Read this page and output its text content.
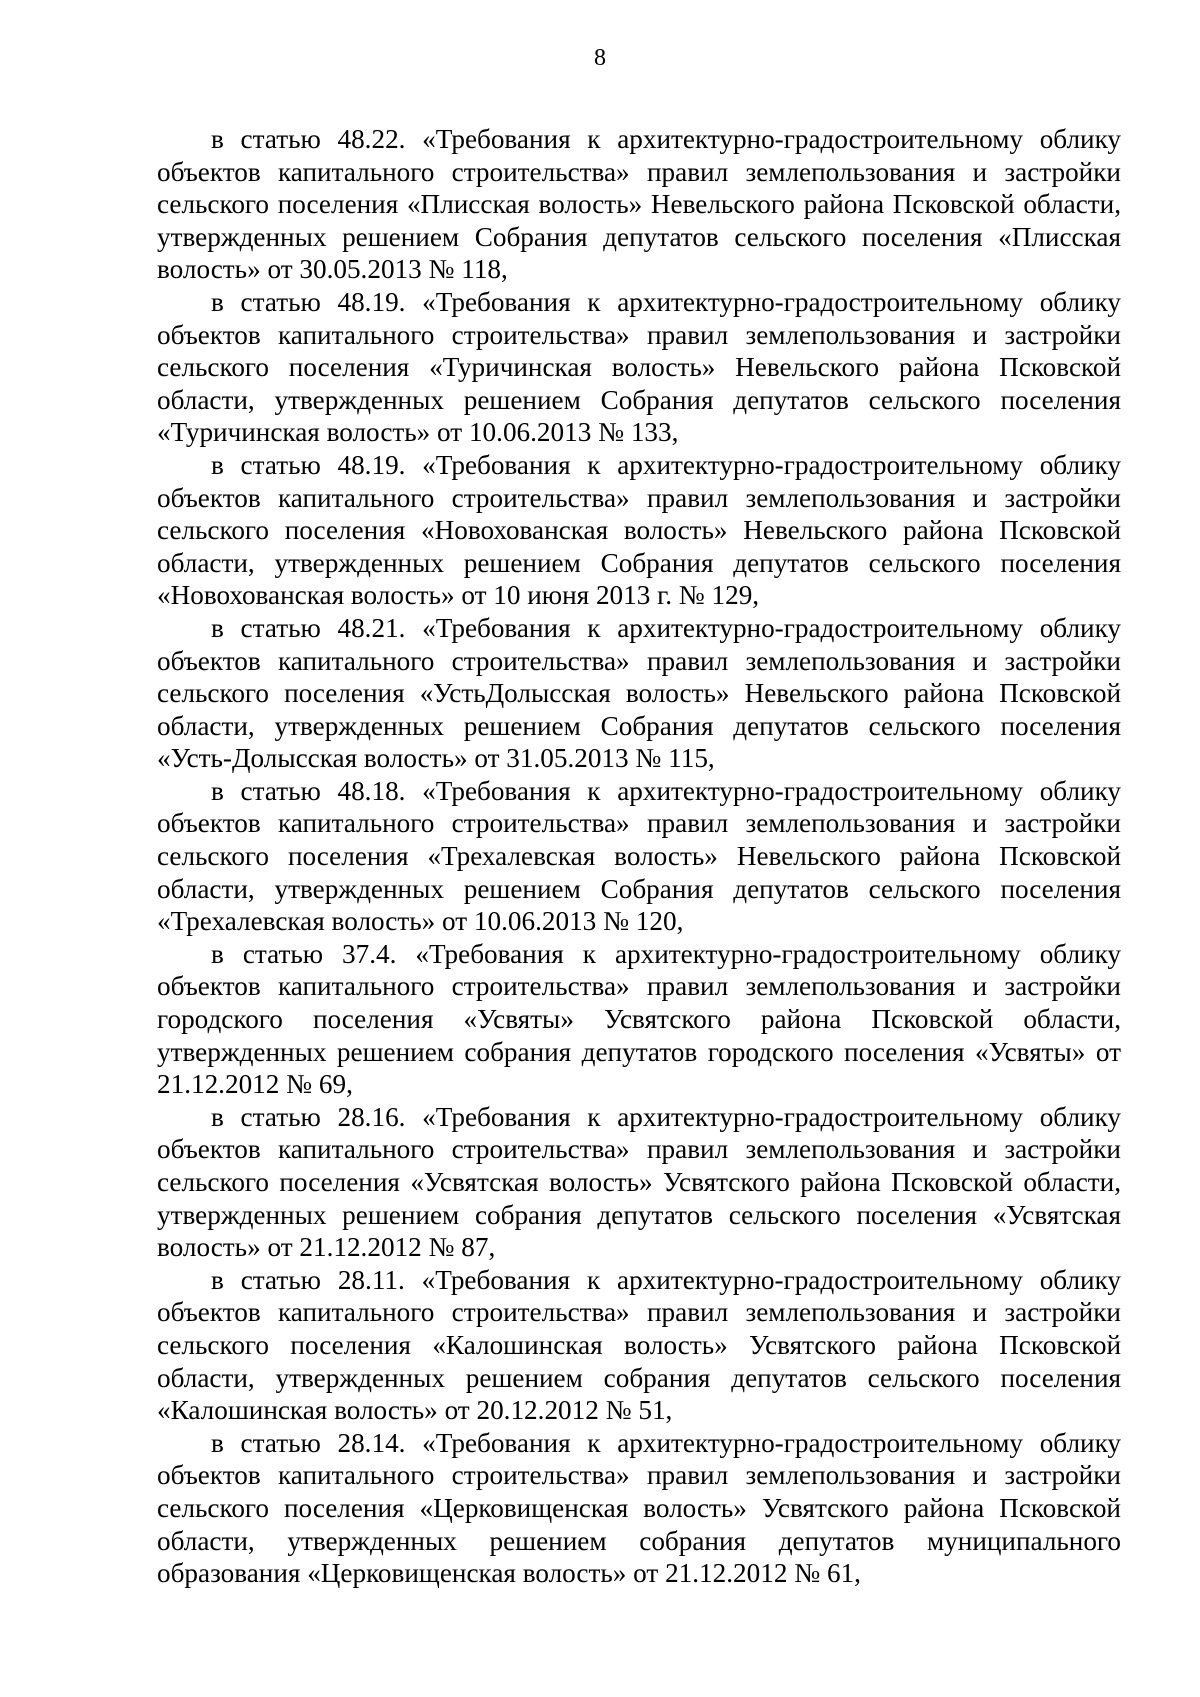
8

в статью 48.22. «Требования к архитектурно-градостроительному облику объектов капитального строительства» правил землепользования и застройки сельского поселения «Плисская волость» Невельского района Псковской области, утвержденных решением Собрания депутатов сельского поселения «Плисская волость» от 30.05.2013 № 118,

в статью 48.19. «Требования к архитектурно-градостроительному облику объектов капитального строительства» правил землепользования и застройки сельского поселения «Туричинская волость» Невельского района Псковской области, утвержденных решением Собрания депутатов сельского поселения «Туричинская волость» от 10.06.2013 № 133,

в статью 48.19. «Требования к архитектурно-градостроительному облику объектов капитального строительства» правил землепользования и застройки сельского поселения «Новохованская волость» Невельского района Псковской области, утвержденных решением Собрания депутатов сельского поселения «Новохованская волость» от 10 июня 2013 г. № 129,

в статью 48.21. «Требования к архитектурно-градостроительному облику объектов капитального строительства» правил землепользования и застройки сельского поселения «УстьДолысская волость» Невельского района Псковской области, утвержденных решением Собрания депутатов сельского поселения «Усть-Долысская волость» от 31.05.2013 № 115,

в статью 48.18. «Требования к архитектурно-градостроительному облику объектов капитального строительства» правил землепользования и застройки сельского поселения «Трехалевская волость» Невельского района Псковской области, утвержденных решением Собрания депутатов сельского поселения «Трехалевская волость» от 10.06.2013 № 120,

в статью 37.4. «Требования к архитектурно-градостроительному облику объектов капитального строительства» правил землепользования и застройки городского поселения «Усвяты» Усвятского района Псковской области, утвержденных решением собрания депутатов городского поселения «Усвяты» от 21.12.2012 № 69,

в статью 28.16. «Требования к архитектурно-градостроительному облику объектов капитального строительства» правил землепользования и застройки сельского поселения «Усвятская волость» Усвятского района Псковской области, утвержденных решением собрания депутатов сельского поселения «Усвятская волость» от 21.12.2012 № 87,

в статью 28.11. «Требования к архитектурно-градостроительному облику объектов капитального строительства» правил землепользования и застройки сельского поселения «Калошинская волость» Усвятского района Псковской области, утвержденных решением собрания депутатов сельского поселения «Калошинская волость» от 20.12.2012 № 51,

в статью 28.14. «Требования к архитектурно-градостроительному облику объектов капитального строительства» правил землепользования и застройки сельского поселения «Церковищенская волость» Усвятского района Псковской области, утвержденных решением собрания депутатов муниципального образования «Церковищенская волость» от 21.12.2012 № 61,
